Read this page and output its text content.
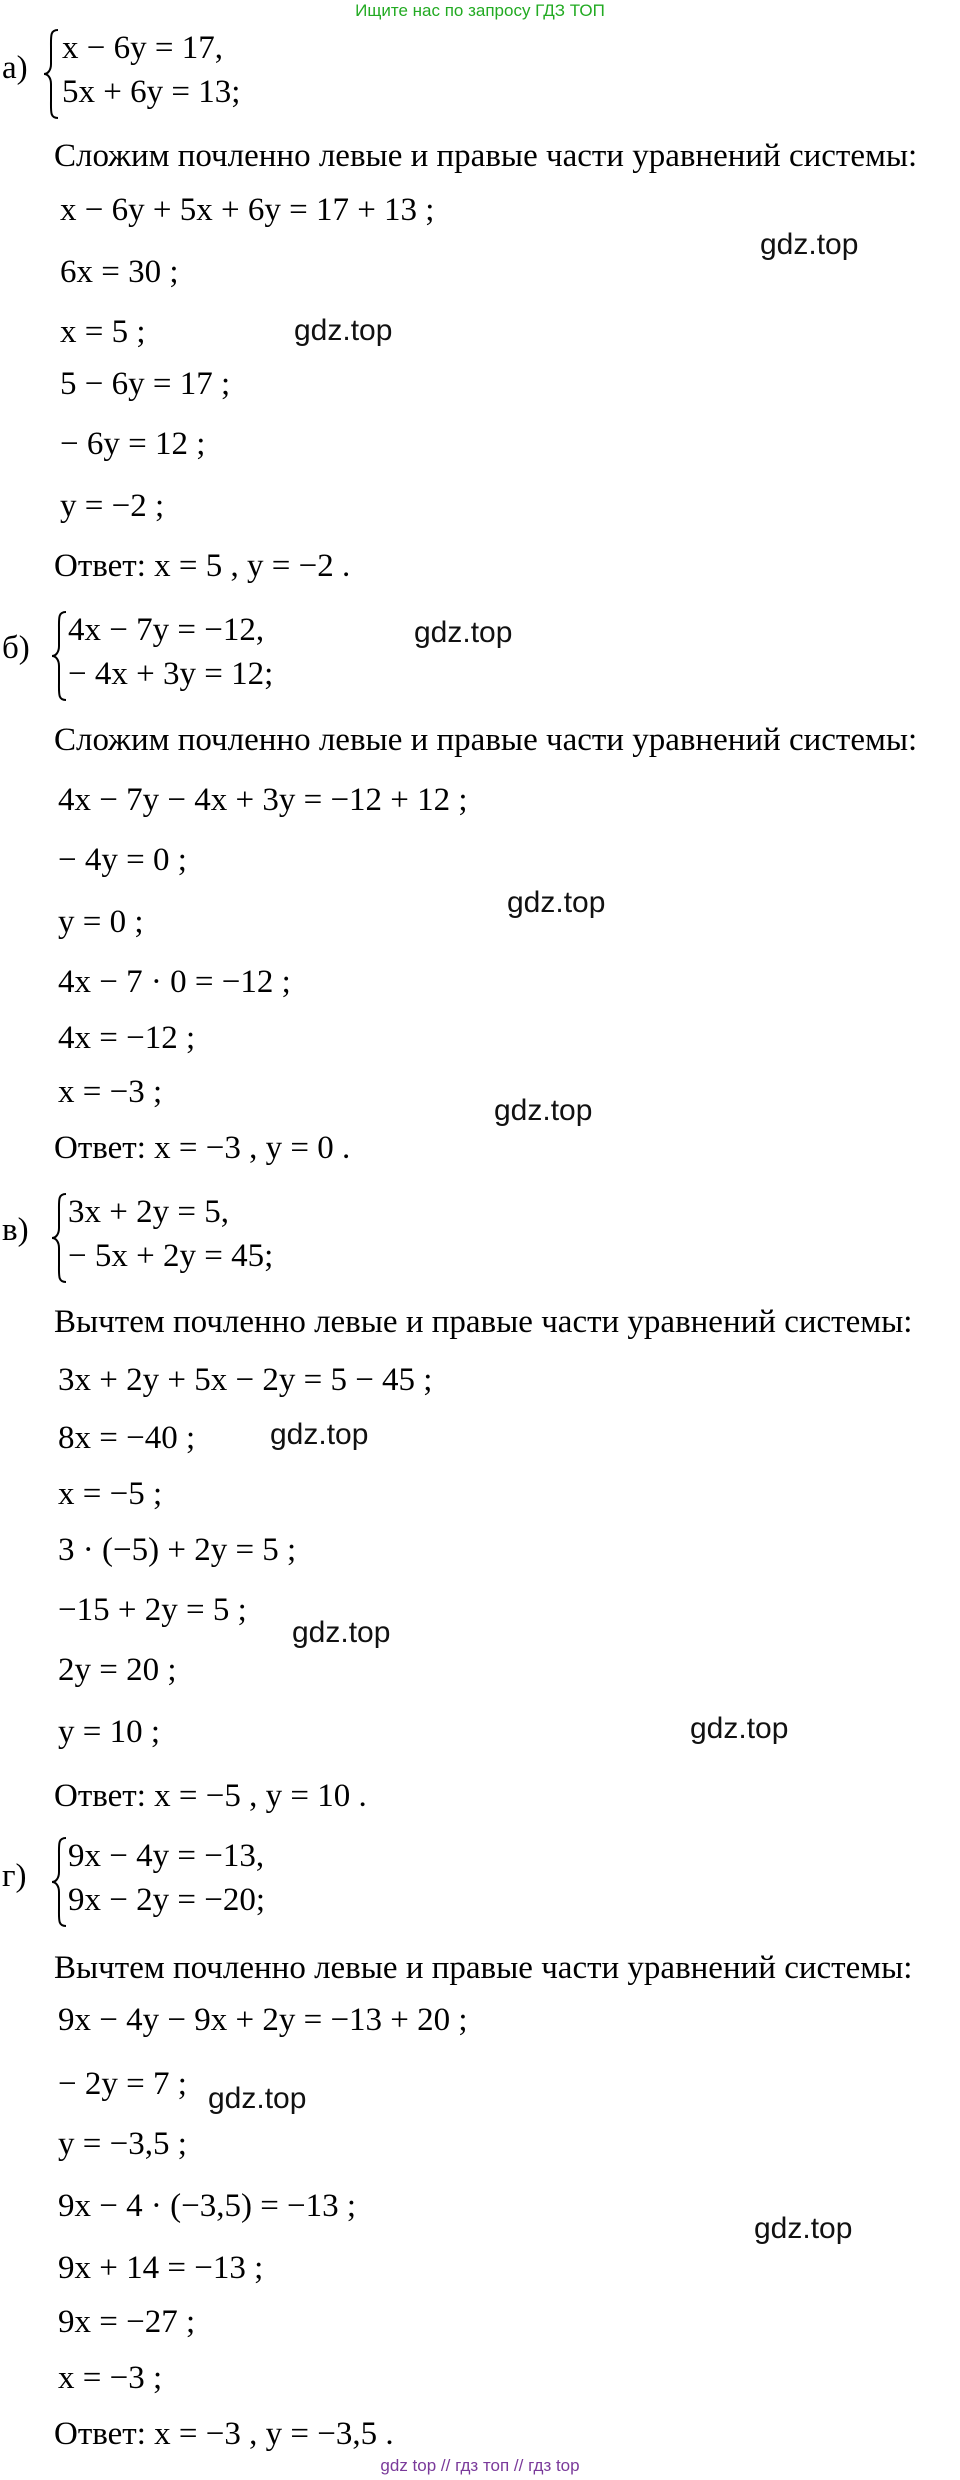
Ищите нас по запросу ГДЗ ТОП
а)
x − 6y = 17,
5x + 6y = 13;
Сложим почленно левые и правые части уравнений системы:
x − 6y + 5x + 6y = 17 + 13 ;
6x = 30 ;
x = 5 ;
5 − 6y = 17 ;
− 6y = 12 ;
y = −2 ;
Ответ: x = 5 , y = −2 .
б) 4x − 7y = −12,
− 4x + 3y = 12;
Сложим почленно левые и правые части уравнений системы:
4x − 7y − 4x + 3y = −12 + 12 ;
− 4y = 0 ;
y = 0 ;
4x − 7 · 0 = −12 ;
4x = −12 ;
x = −3 ;
Ответ: x = −3 , y = 0 .
в) 3x + 2y = 5,
− 5x + 2y = 45;
Вычтем почленно левые и правые части уравнений системы:
3x + 2y + 5x − 2y = 5 − 45 ;
8x = −40 ;
x = −5 ;
3 · (−5) + 2y = 5 ;
−15 + 2y = 5 ;
2y = 20 ;
y = 10 ;
Ответ: x = −5 , y = 10 .
г)
9x − 4y = −13,
9x − 2y = −20;
Вычтем почленно левые и правые части уравнений системы:
9x − 4y − 9x + 2y = −13 + 20 ;
− 2y = 7 ;
y = −3,5 ;
9x − 4 · (−3,5) = −13 ;
9x + 14 = −13 ;
9x = −27 ;
x = −3 ;
Ответ: x = −3 , y = −3,5 .
gdz.top
gdz.top
gdz.top
gdz.top
gdz.top
gdz.top
gdz.top
gdz.top
gdz.top
gdz.top
gdz top // гдз топ // гдз top
